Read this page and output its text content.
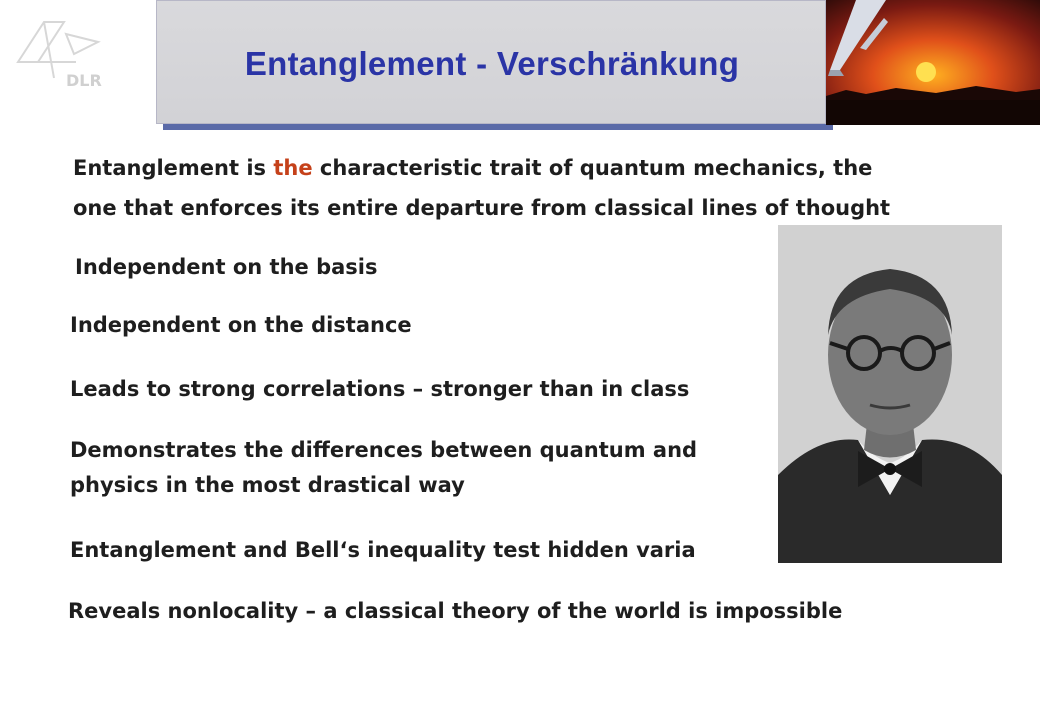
DLR	Entanglement - Verschränkung

Entanglement is the characteristic trait of quantum mechanics, the

one that enforces its entire departure from classical lines of thought

Independent on the basis

Independent on the distance

Leads to strong correlations – stronger than in class

Demonstrates the differences between quantum and

physics in the most drastical way

Entanglement and Bell‘s inequality test hidden varia

Reveals nonlocality – a classical theory of the world is impossible
